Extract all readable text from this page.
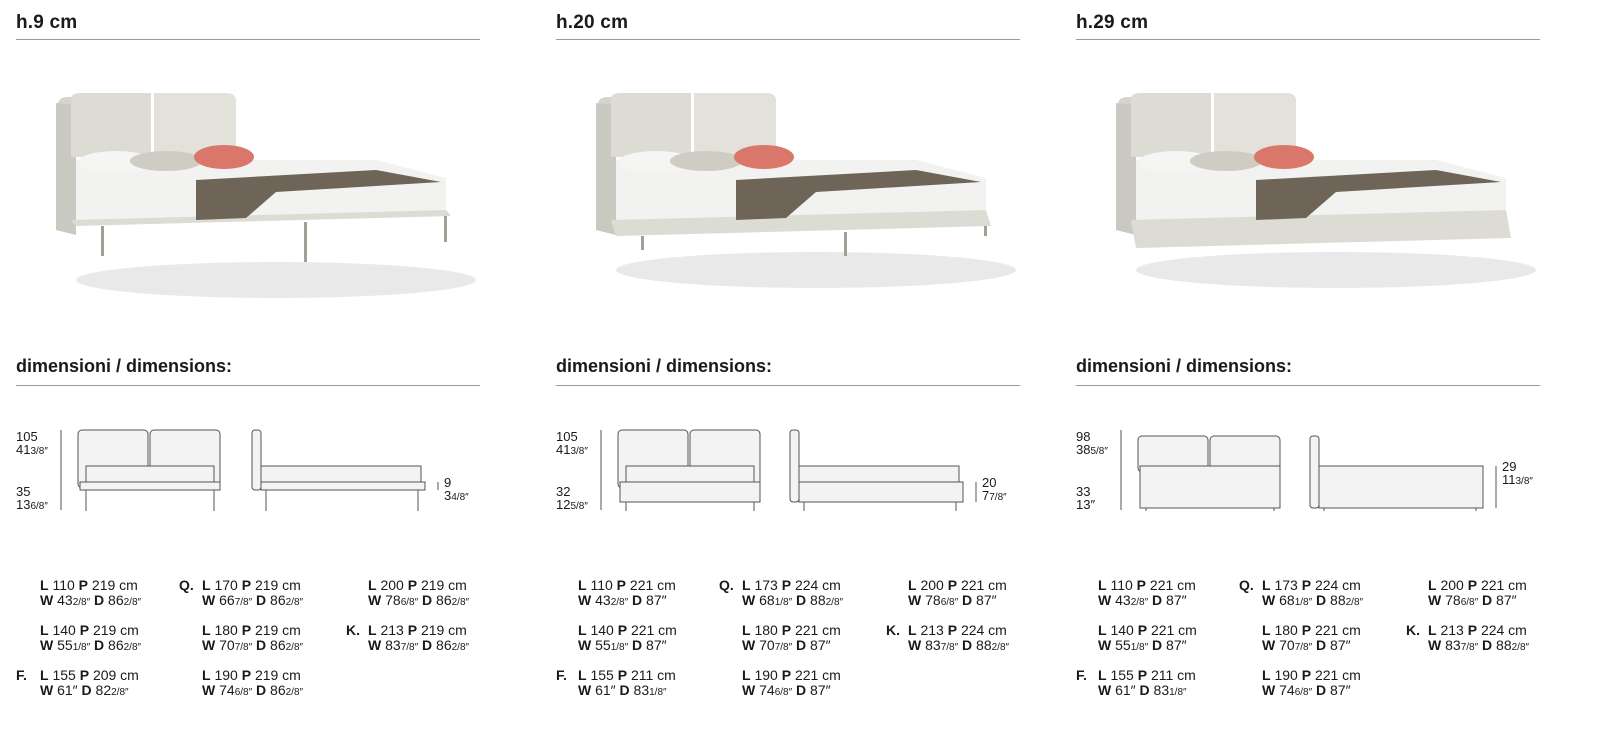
h.9 cm
dimensioni / dimensions:
105
413/8″
35
136/8″
9
34/8″
L 110 P 219 cm
W 432/8″ D 862/8″
L 170 P 219 cm
W 667/8″ D 862/8″
L 200 P 219 cm
W 786/8″ D 862/8″
L 140 P 219 cm
W 551/8″ D 862/8″
L 180 P 219 cm
W 707/8″ D 862/8″
L 213 P 219 cm
W 837/8″ D 862/8″
L 155 P 209 cm
W 61″ D 822/8″
L 190 P 219 cm
W 746/8″ D 862/8″
Q.
K.
F.
h.20 cm
dimensioni / dimensions:
105
413/8″
32
125/8″
20
77/8″
L 110 P 221 cm
W 432/8″ D 87″
L 173 P 224 cm
W 681/8″ D 882/8″
L 200 P 221 cm
W 786/8″ D 87″
L 140 P 221 cm
W 551/8″ D 87″
L 180 P 221 cm
W 707/8″ D 87″
L 213 P 224 cm
W 837/8″ D 882/8″
L 155 P 211 cm
W 61″ D 831/8″
L 190 P 221 cm
W 746/8″ D 87″
Q.
K.
F.
h.29 cm
dimensioni / dimensions:
98
385/8″
33
13″
29
113/8″
L 110 P 221 cm
W 432/8″ D 87″
L 173 P 224 cm
W 681/8″ D 882/8″
L 200 P 221 cm
W 786/8″ D 87″
L 140 P 221 cm
W 551/8″ D 87″
L 180 P 221 cm
W 707/8″ D 87″
L 213 P 224 cm
W 837/8″ D 882/8″
L 155 P 211 cm
W 61″ D 831/8″
L 190 P 221 cm
W 746/8″ D 87″
Q.
K.
F.
